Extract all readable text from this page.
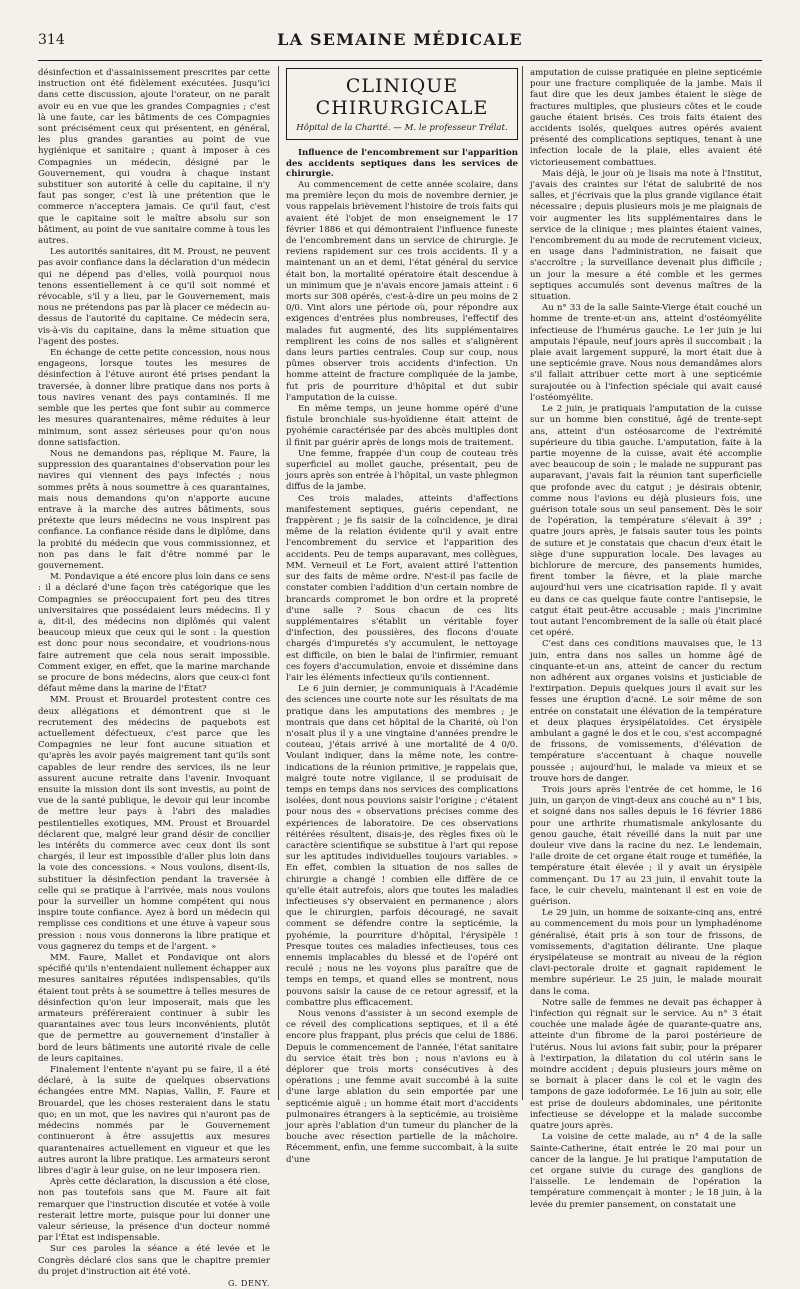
314	LA SEMAINE MÉDICALE

désinfection et d'assainissement prescrites par cette instruction ont été fidèlement exécutées. Jusqu'ici dans cette discussion, ajoute l'orateur, on ne paraît avoir eu en vue que les grandes Compagnies ; c'est là une faute, car les bâtiments de ces Compagnies sont précisément ceux qui présentent, en général, les plus grandes garanties au point de vue hygiénique et sanitaire ; quant à imposer à ces Compagnies un médecin, désigné par le Gouvernement, qui voudra à chaque instant substituer son autorité à celle du capitaine, il n'y faut pas songer, c'est là une prétention que le commerce n'acceptera jamais. Ce qu'il faut, c'est que le capitaine soit le maître absolu sur son bâtiment, au point de vue sanitaire comme à tous les autres.

Les autorités sanitaires, dit M. Proust, ne peuvent pas avoir confiance dans la déclaration d'un médecin qui ne dépend pas d'elles, voilà pourquoi nous tenons essentiellement à ce qu'il soit nommé et révocable, s'il y a lieu, par le Gouvernement, mais nous ne prétendons pas par là placer ce médecin au-dessus de l'autorité du capitaine. Ce médecin sera, vis-à-vis du capitaine, dans la même situation que l'agent des postes.

En échange de cette petite concession, nous nous engageons, lorsque toutes les mesures de désinfection à l'étuve auront été prises pendant la traversée, à donner libre pratique dans nos ports à tous navires venant des pays contaminés. Il me semble que les pertes que font subir au commerce les mesures quarantenaires, même réduites à leur minimum, sont assez sérieuses pour qu'on nous donne satisfaction.

Nous ne demandons pas, réplique M. Faure, la suppression des quarantaines d'observation pour les navires qui viennent des pays infectés ; nous sommes prêts à nous soumettre à ces quarantaines, mais nous demandons qu'on n'apporte aucune entrave à la marche des autres bâtiments, sous prétexte que leurs médecins ne vous inspirent pas confiance. La confiance réside dans le diplôme, dans la probité du médecin que vous commissionnez, et non pas dans le fait d'être nommé par le gouvernement.

M. Pondavique a été encore plus loin dans ce sens : il a déclaré d'une façon très catégorique que les Compagnies se préoccupaient fort peu des titres universitaires que possédaient leurs médecins. Il y a, dit-il, des médecins non diplômés qui valent beaucoup mieux que ceux qui le sont : la question est donc pour nous secondaire, et voudrions-nous faire autrement que cela nous serait impossible. Comment exiger, en effet, que la marine marchande se procure de bons médecins, alors que ceux-ci font défaut même dans la marine de l'État?

MM. Proust et Brouardel protestent contre ces deux allégations et démontrent que si le recrutement des médecins de paquebots est actuellement défectueux, c'est parce que les Compagnies ne leur font aucune situation et qu'après les avoir payés maigrement tant qu'ils sont capables de leur rendre des services, ils ne leur assurent aucune retraite dans l'avenir. Invoquant ensuite la mission dont ils sont investis, au point de vue de la santé publique, le devoir qui leur incombe de mettre leur pays à l'abri des maladies pestilentielles exotiques, MM. Proust et Brouardel déclarent que, malgré leur grand désir de concilier les intérêts du commerce avec ceux dont ils sont chargés, il leur est impossible d'aller plus loin dans la voie des concessions. « Nous voulons, disent-ils, substituer la désinfection pendant la traversée à celle qui se pratique à l'arrivée, mais nous voulons pour la surveiller un homme compétent qui nous inspire toute confiance. Ayez à bord un médecin qui remplisse ces conditions et une étuve à vapeur sous pression : nous vous donnerons la libre pratique et vous gagnerez du temps et de l'argent. »

MM. Faure, Mallet et Pondavique ont alors spécifié qu'ils n'entendaient nullement échapper aux mesures sanitaires réputées indispensables, qu'ils étaient tout prêts à se soumettre à telles mesures de désinfection qu'on leur imposerait, mais que les armateurs préféreraient continuer à subir les quarantaines avec tous leurs inconvénients, plutôt que de permettre au gouvernement d'installer à bord de leurs bâtiments une autorité rivale de celle de leurs capitaines.

Finalement l'entente n'ayant pu se faire, il a été déclaré, à la suite de quelques observations échangées entre MM. Napias, Vallin, F. Faure et Brouardel, que les choses resteraient dans le statu quo; en un mot, que les navires qui n'auront pas de médecins nommés par le Gouvernement continueront à être assujettis aux mesures quarantenaires actuellement en vigueur et que les autres auront la libre pratique. Les armateurs seront libres d'agir à leur guise, on ne leur imposera rien.

Après cette déclaration, la discussion a été close, non pas toutefois sans que M. Faure ait fait remarquer que l'instruction discutée et votée à voile resterait lettre morte, puisque pour lui donner une valeur sérieuse, la présence d'un docteur nommé par l'État est indispensable.

Sur ces paroles la séance a été levée et le Congrès déclaré clos sans que le chapitre premier du projet d'instruction ait été voté.

G. DENY.

CLINIQUE CHIRURGICALE
Hôpital de la Charité. — M. le professeur Trélat.

Influence de l'encombrement sur l'apparition des accidents septiques dans les services de chirurgie.

Au commencement de cette année scolaire, dans ma première leçon du mois de novembre dernier, je vous rappelais brièvement l'histoire de trois faits qui avaient été l'objet de mon enseignement le 17 février 1886 et qui démontraient l'influence funeste de l'encombrement dans un service de chirurgie. Je reviens rapidement sur ces trois accidents. Il y a maintenant un an et demi, l'état général du service était bon, la mortalité opératoire était descendue à un minimum que je n'avais encore jamais atteint : 6 morts sur 308 opérés, c'est-à-dire un peu moins de 2 0/0. Vint alors une période où, pour répondre aux exigences d'entrées plus nombreuses, l'effectif des malades fut augmenté, des lits supplémentaires remplirent les coins de nos salles et s'alignèrent dans leurs parties centrales. Coup sur coup, nous pûmes observer trois accidents d'infection. Un homme atteint de fracture compliquée de la jambe, fut pris de pourriture d'hôpital et dut subir l'amputation de la cuisse.

En même temps, un jeune homme opéré d'une fistule bronchiale sus-hyoïdienne était atteint de pyohémie caractérisée par des abcès multiples dont il finit par guérir après de longs mois de traitement.

Une femme, frappée d'un coup de couteau très superficiel au mollet gauche, présentait, peu de jours après son entrée à l'hôpital, un vaste phlegmon diffus de la jambe.

Ces trois malades, atteints d'affections manifestement septiques, guéris cependant, ne frappèrent ; je fis saisir de la coïncidence, je dirai même de la relation évidente qu'il y avait entre l'encombrement du service et l'apparition des accidents. Peu de temps auparavant, mes collègues, MM. Verneuil et Le Fort, avaient attiré l'attention sur des faits de même ordre. N'est-il pas facile de constater combien l'addition d'un certain nombre de brancards compromet le bon ordre et la propreté d'une salle ? Sous chacun de ces lits supplémentaires s'établit un véritable foyer d'infection, des poussières, des flocons d'ouate chargés d'impuretés s'y accumulent, le nettoyage est difficile, on bien le balai de l'infirmier, remuant ces foyers d'accumulation, envoie et dissémine dans l'air les éléments infectieux qu'ils contiennent.

Le 6 juin dernier, je communiquais à l'Académie des sciences une courte note sur les résultats de ma pratique dans les amputations des membres ; je montrais que dans cet hôpital de la Charité, où l'on n'osait plus il y a une vingtaine d'années prendre le couteau, j'étais arrivé à une mortalité de 4 0/0. Voulant indiquer, dans la même note, les contre-indications de la réunion primitive, je rappelais que, malgré toute notre vigilance, il se produisait de temps en temps dans nos services des complications isolées, dont nous pouvions saisir l'origine ; c'étaient pour nous des « observations précises comme des expériences de laboratoire. De ces observations réitérées résultent, disais-je, des règles fixes où le caractère scientifique se substitue à l'art qui repose sur les aptitudes individuelles toujours variables. » En effet, combien la situation de nos salles de chirurgie a changé ! combien elle diffère de ce qu'elle était autrefois, alors que toutes les maladies infectieuses s'y observaient en permanence ; alors que le chirurgien, parfois découragé, ne savait comment se défendre contre la septicémie, la pyohémie, la pourriture d'hôpital, l'érysipèle ! Presque toutes ces maladies infectieuses, tous ces ennemis implacables du blessé et de l'opéré ont reculé ; nous ne les voyons plus paraître que de temps en temps, et quand elles se montrent, nous pouvons saisir la cause de ce retour agressif, et la combattre plus efficacement.

Nous venons d'assister à un second exemple de ce réveil des complications septiques, et il a été encore plus frappant, plus précis que celui de 1886. Depuis le commencement de l'année, l'état sanitaire du service était très bon ; nous n'avions eu à déplorer que trois morts consécutives à des opérations ; une femme avait succombé à la suite d'une large ablation du sein emportée par une septicémie aiguë ; un homme était mort d'accidents pulmonaires étrangers à la septicémie, au troisième jour après l'ablation d'un tumeur du plancher de la bouche avec résection partielle de la mâchoire. Récemment, enfin, une femme succombait, à la suite d'une

amputation de cuisse pratiquée en pleine septicémie pour une fracture compliquée de la jambe. Mais il faut dire que les deux jambes étaient le siège de fractures multiples, que plusieurs côtes et le coude gauche étaient brisés. Ces trois faits étaient des accidents isolés, quelques autres opérés avaient présenté des complications septiques, tenant à une infection locale de la plaie, elles avaient été victorieusement combattues.

Mais déjà, le jour où je lisais ma note à l'Institut, j'avais des craintes sur l'état de salubrité de nos salles, et j'écrivais que la plus grande vigilance était nécessaire ; depuis plusieurs mois je me plaignais de voir augmenter les lits supplémentaires dans le service de la clinique ; mes plaintes étaient vaines, l'encombrement du au mode de recrutement vicieux, en usage dans l'administration, ne faisait que s'accroître ; la surveillance devenait plus difficile ; un jour la mesure a été comble et les germes septiques accumulés sont devenus maîtres de la situation.

Au n° 33 de la salle Sainte-Vierge était couché un homme de trente-et-un ans, atteint d'ostéomyélite infectieuse de l'humérus gauche. Le 1er juin je lui amputais l'épaule, neuf jours après il succombait ; la plaie avait largement suppuré, la mort était due à une septicémie grave. Nous nous demandâmes alors s'il fallait attribuer cette mort à une septicémie surajoutée ou à l'infection spéciale qui avait causé l'ostéomyélite.

Le 2 juin, je pratiquais l'amputation de la cuisse sur un homme bien constitué, âgé de trente-sept ans, atteint d'un ostéosarcome de l'extrémité supérieure du tibia gauche. L'amputation, faite à la partie moyenne de la cuisse, avait été accomplie avec beaucoup de soin ; le malade ne suppurant pas auparavant, j'avais fait la réunion tant superficielle que profonde avec du catgut ; je désirais obtenir, comme nous l'avions eu déjà plusieurs fois, une guérison totale sous un seul pansement. Dès le soir de l'opération, la température s'élevait à 39° ; quatre jours après, je faisais sauter tous les points de suture et je constatais que chacun d'eux était le siège d'une suppuration locale. Des lavages au bichlorure de mercure, des pansements humides, firent tomber la fièvre, et la plaie marche aujourd'hui vers une cicatrisation rapide. Il y avait eu dans ce cas quelque faute contre l'antisepsie, le catgut était peut-être accusable ; mais j'incrimine tout autant l'encombrement de la salle où était placé cet opéré.

C'est dans ces conditions mauvaises que, le 13 juin, entra dans nos salles un homme âgé de cinquante-et-un ans, atteint de cancer du rectum non adhérent aux organes voisins et justiciable de l'extirpation. Depuis quelques jours il avait sur les fesses une éruption d'acné. Le soir même de son entrée on constatait une élévation de la température et deux plaques érysipélatoïdes. Cet érysipèle ambulant a gagné le dos et le cou, s'est accompagné de frissons, de vomissements, d'élévation de température s'accentuant à chaque nouvelle poussée ; aujourd'hui, le malade va mieux et se trouve hors de danger.

Trois jours après l'entrée de cet homme, le 16 juin, un garçon de vingt-deux ans couché au n° 1 bis, et soigné dans nos salles depuis le 16 février 1886 pour une arthrite rhumatismale ankylosante du genou gauche, était réveillé dans la nuit par une douleur vive dans la racine du nez. Le lendemain, l'aile droite de cet organe était rouge et tuméfiée, la température était élevée ; il y avait un érysipèle commençant. Du 17 au 23 juin, il envahit toute la face, le cuir chevelu, maintenant il est en voie de guérison.

Le 29 juin, un homme de soixante-cinq ans, entré au commencement du mois pour un lymphadénome généralisé, était pris à son tour de frissons, de vomissements, d'agitation délirante. Une plaque érysipélateuse se montrait au niveau de la région clavi-pectorale droite et gagnait rapidement le membre supérieur. Le 25 juin, le malade mourait dans le coma.

Notre salle de femmes ne devait pas échapper à l'infection qui régnait sur le service. Au n° 3 était couchée une malade âgée de quarante-quatre ans, atteinte d'un fibrome de la paroi postérieure de l'utérus. Nous lui avions fait subir, pour la préparer à l'extirpation, la dilatation du col utérin sans le moindre accident ; depuis plusieurs jours même on se bornait à placer dans le col et le vagin des tampons de gaze iodoformée. Le 16 juin au soir, elle est prise de douleurs abdominales, une péritonite infectieuse se développe et la malade succombe quatre jours après.

La voisine de cette malade, au n° 4 de la salle Sainte-Catherine, était entrée le 20 mai pour un cancer de la langue. Je lui pratique l'amputation de cet organe suivie du curage des ganglions de l'aisselle. Le lendemain de l'opération la température commençait à monter ; le 18 juin, à la levée du premier pansement, on constatait une
